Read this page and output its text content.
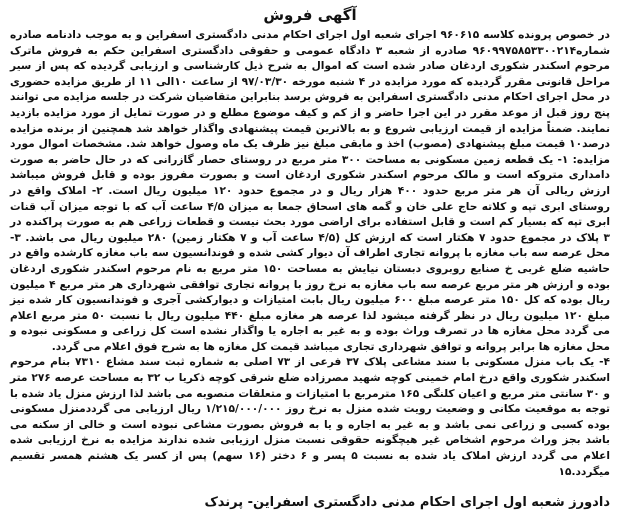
آگهی فروش

در خصوص پرونده کلاسه ۹۶۰۶۱۵ اجرای شعبه اول اجرای احکام مدنی دادگستری اسفراین و به موجب دادنامه صادره شماره۹۶۰۹۹۷۵۸۵۳۳۰۰۲۱۴ صادره از شعبه ۳ دادگاه عمومی و حقوقی دادگستری اسفراین حکم به فروش ماترک مرحوم اسکندر شکوری اردغان صادر شده است که اموال به شرح ذیل کارشناسی و ارزیابی گردیده که پس از سیر مراحل قانونی مقرر گردیده که مورد مزایده در ۴ شنبه مورخه ۹۷/۰۳/۳۰ از ساعت ۱۰الی ۱۱ از طریق مزایده حضوری در محل اجرای احکام مدنی دادگستری اسفراین به فروش برسد بنابراین متقاضیان شرکت در جلسه مزایده می توانند پنج روز قبل از موعد مقرر در این اجرا حاضر و از کم و کیف موضوع مطلع و در صورت تمایل از مورد مزایده بازدید نمایند. ضمناً مزایده از قیمت ارزیابی شروع و به بالاترین قیمت پیشنهادی واگذار خواهد شد همچنین از برنده مزایده درصد۱۰ قیمت مبلغ پیشنهادی (مصوب) اخذ و مابقی مبلغ نیز ظرف یک ماه وصول خواهد شد. مشخصات اموال مورد مزایده: ۱- یک قطعه زمین مسکونی به مساحت ۳۰۰ متر مربع در روستای حصار گازرانی که در حال حاضر به صورت دامداری متروکه است و مالک مرحوم اسکندر شکوری اردغان است و بصورت مفروز بوده و قابل فروش میباشد ارزش ریالی آن هر متر مربع حدود ۴۰۰ هزار ریال و در مجموع حدود ۱۲۰ میلیون ریال است. ۲- املاک واقع در روستای ابری تپه و کلاته حاج علی خان و گمه های اسحاق جمعا به میزان ۴/۵ ساعت آب که با توجه میزان آب قنات ابری تپه که بسیار کم است و قابل استفاده برای اراضی مورد بحث نیست و قطعات زراعی هم به صورت پراکنده در ۳ پلاک در مجموع حدود ۷ هکتار است که ارزش کل (۴/۵ ساعت آب و ۷ هکتار زمین) ۲۸۰ میلیون ریال می باشد. ۳- محل عرصه سه باب مغازه با پروانه تجاری اطراف آن دیوار کشی شده و فوندانسیون سه باب مغازه کارشده واقع در حاشیه ضلع غربی خ صنایع روبروی دبستان نیایش به مساحت ۱۵۰ متر مربع به نام مرحوم اسکندر شکوری اردغان بوده و ارزش هر متر مربع عرصه سه باب مغازه به نرخ روز با پروانه تجاری توافقی شهرداری هر متر مربع ۴ میلیون ریال بوده که کل ۱۵۰ متر عرصه مبلغ ۶۰۰ میلیون ریال بابت امتیازات و دیوارکشی آجری و فوندانسیون کار شده نیز مبلغ ۱۲۰ میلیون ریال در نظر گرفته میشود لذا عرصه هر مغازه مبلغ ۴۴۰ میلیون ریال با نسبت ۵۰ متر مربع اعلام می گردد محل مغازه ها در تصرف وراث بوده و به غیر به اجاره یا واگذار نشده است کل زراعی و مسکونی نبوده و محل مغازه ها برابر پروانه و توافق شهرداری تجاری میباشد قیمت کل مغازه ها به شرح فوق اعلام می گردد.

۴- یک باب منزل مسکونی با سند مشاعی پلاک ۳۷ فرعی از ۷۳ اصلی به شماره ثبت سند مشاع ۷۳۱۰ بنام مرحوم اسکندر شکوری واقع درخ امام خمینی کوچه شهید مصرزاده ضلع شرقی کوچه ذکریا ب ۳۲ به مساحت عرصه ۲۷۶ متر و ۳۰ سانتی متر مربع و اعیان کلنگی ۱۶۵ مترمربع با امتیازات و متعلقات منصوبه می باشد لذا ارزش منزل یاد شده با توجه به موقعیت مکانی و وضعیت رویت شده منزل به نرخ روز ۱/۲۱۵/۰۰۰/۰۰۰ ریال ارزیابی می گرددمنزل مسکونی بوده کسبی و زراعی نمی باشد و به غیر به اجاره و یا به فروش بصورت مشاعی نبوده است و خالی از سکنه می باشد بجز وراث مرحوم اشخاص غیر هیچگونه حقوقی نسبت منزل ارزیابی شده ندارند مزایده به نرخ ارزیابی شده اعلام می گردد ارزش املاک یاد شده به نسبت ۵ پسر و ۶ دختر (۱۶ سهم) پس از کسر یک هشتم همسر تقسیم میگردد.۱۵

دادورز شعبه اول اجرای احکام مدنی دادگستری اسفراین- پرندک
